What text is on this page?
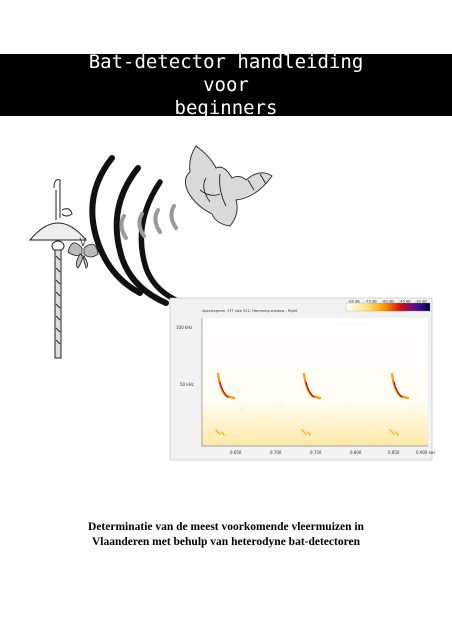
Bat-detector handleiding voor
beginners
Spectrogram, FFT size 512, Hamming window - Right
-90 dB -75 dB -60 dB -45 dB -30 dB
100 kHz
50 kHz
0.650	0.700	0.750	0.800	0.850	0.900 sec
Determinatie van de meest voorkomende vleermuizen in
Vlaanderen met behulp van heterodyne bat-detectoren
